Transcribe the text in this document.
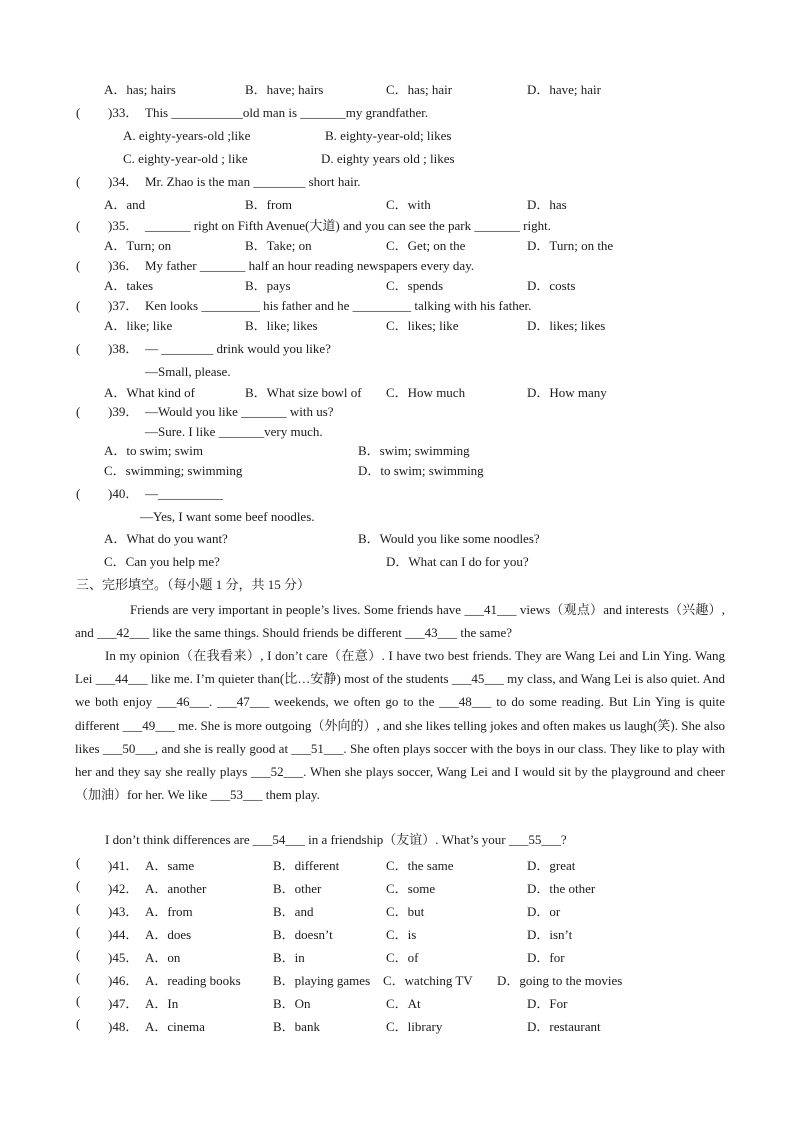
A．has; hairs	B．have; hairs	C．has; hair	D．have; hair
( )33． This ___________old man is _______my grandfather.
A. eighty-years-old ;like	B. eighty-year-old; likes
C. eighty-year-old ; like	D. eighty years old ; likes
( )34． Mr. Zhao is the man ________ short hair.
A．and	B．from	C．with	D．has
( )35． _______ right on Fifth Avenue(大道) and you can see the park _______ right.
A．Turn; on	B．Take; on	C．Get; on the	D．Turn; on the
( )36． My father _______ half an hour reading newspapers every day.
A．takes	B．pays	C．spends	D．costs
( )37． Ken looks _________ his father and he _________ talking with his father.
A．like; like	B．like; likes	C．likes; like	D．likes; likes
( )38． — ________ drink would you like?
—Small, please.
A．What kind of	B．What size bowl of C．How much	D．How many
( )39． —Would you like _______ with us?
—Sure. I like _______very much.
A．to swim; swim	B．swim; swimming
C．swimming; swimming	D．to swim; swimming
( )40． —__________
—Yes, I want some beef noodles.
A．What do you want?	B．Would you like some noodles?
C．Can you help me?	D．What can I do for you?
三、完形填空。（每小题 1 分，共 15 分）
Friends are very important in people’s lives. Some friends have ___41___ views（观点）and interests（兴趣）, and ___42___ like the same things. Should friends be different ___43___ the same?
In my opinion（在我看来）, I don’t care（在意）. I have two best friends. They are Wang Lei and Lin Ying. Wang Lei ___44___ like me. I’m quieter than(比…安静) most of the students ___45___ my class, and Wang Lei is also quiet. And we both enjoy ___46___. ___47___ weekends, we often go to the ___48___ to do some reading. But Lin Ying is quite different ___49___ me. She is more outgoing（外向的）, and she likes telling jokes and often makes us laugh(笑). She also likes ___50___, and she is really good at ___51___. She often plays soccer with the boys in our class. They like to play with her and they say she really plays ___52___. When she plays soccer, Wang Lei and I would sit by the playground and cheer（加油）for her. We like ___53___ them play.
I don’t think differences are ___54___ in a friendship（友谊）. What’s your ___55___?
( )41． A．same	B．different	C．the same	D．great
( )42． A．another	B．other	C．some	D．the other
( )43． A．from	B．and	C．but	D．or
( )44． A．does	B．doesn’t	C．is	D．isn’t
( )45． A．on	B．in	C．of	D．for
( )46． A．reading books B．playing games C．watching TV D．going to the movies
( )47． A．In	B．On	C．At	D．For
( )48． A．cinema	B．bank	C．library	D．restaurant
